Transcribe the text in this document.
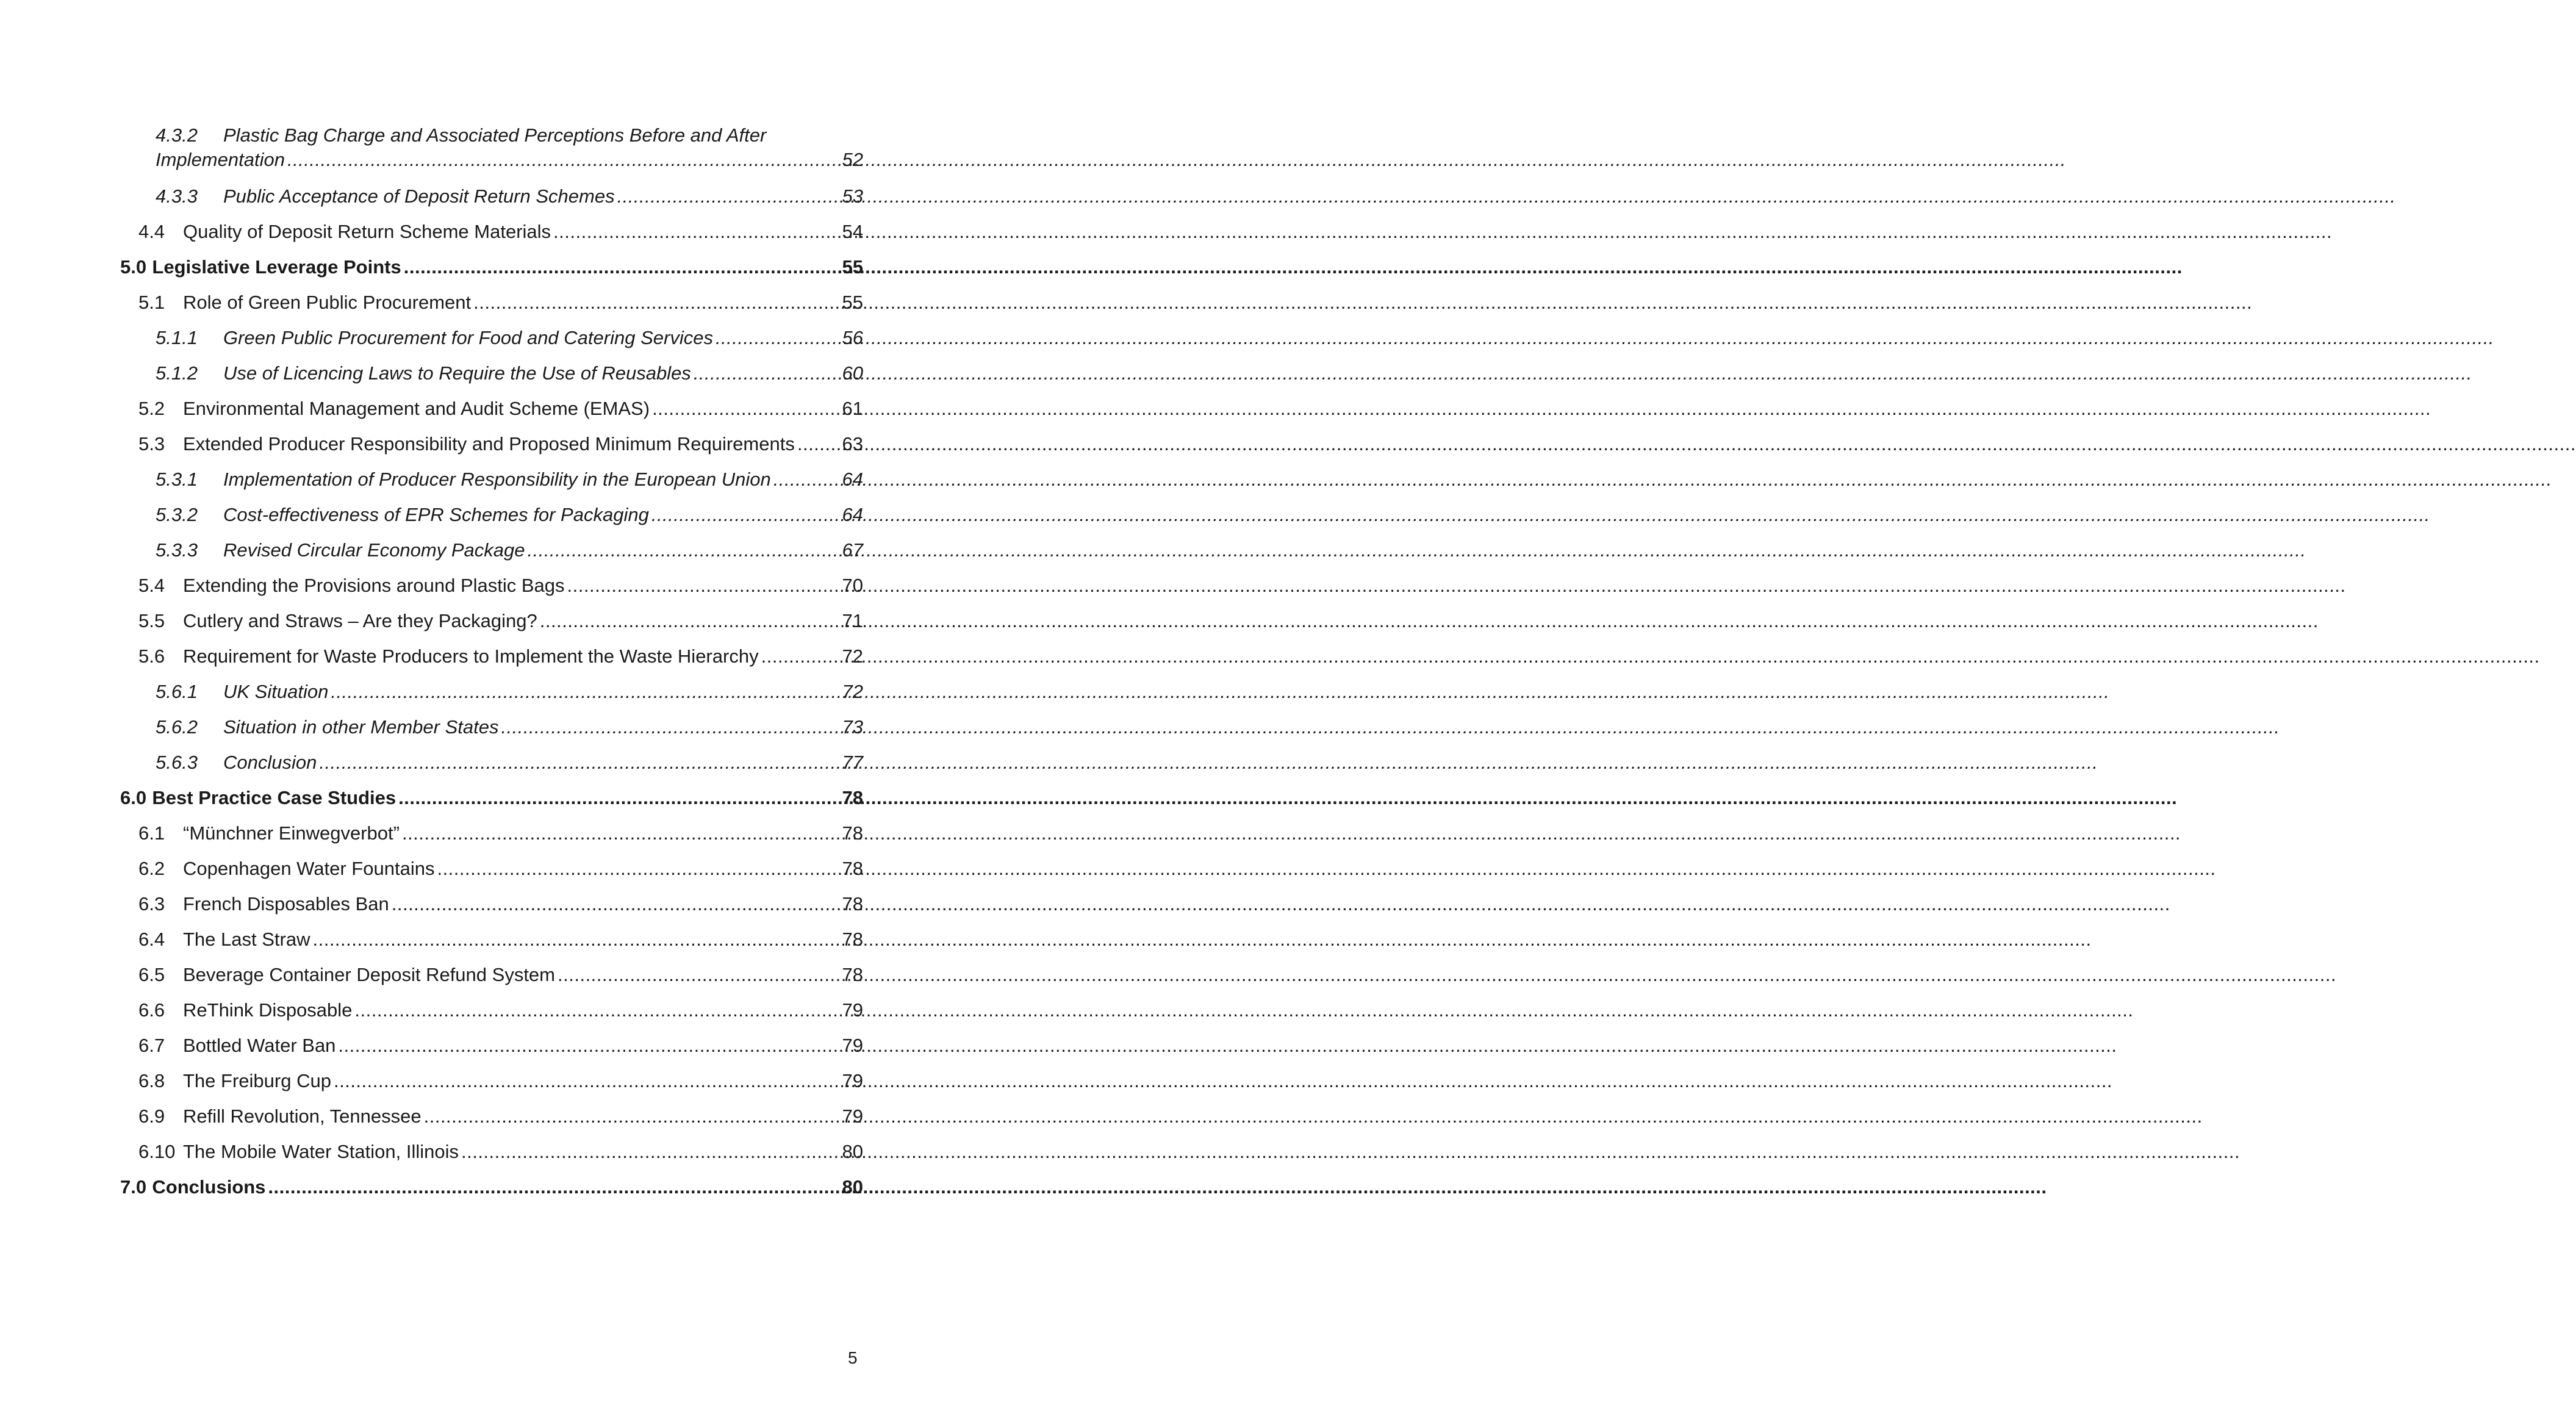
4.3.2	Plastic Bag Charge and Associated Perceptions Before and After
Implementation .....	52
4.3.3	Public Acceptance of Deposit Return Schemes .....	53
4.4 Quality of Deposit Return Scheme Materials .....	54
5.0 Legislative Leverage Points .....	55
5.1 Role of Green Public Procurement .....	55
5.1.1	Green Public Procurement for Food and Catering Services .....	56
5.1.2	Use of Licencing Laws to Require the Use of Reusables .....	60
5.2 Environmental Management and Audit Scheme (EMAS) .....	61
5.3 Extended Producer Responsibility and Proposed Minimum Requirements .....	63
5.3.1	Implementation of Producer Responsibility in the European Union .....	64
5.3.2	Cost-effectiveness of EPR Schemes for Packaging .....	64
5.3.3	Revised Circular Economy Package .....	67
5.4 Extending the Provisions around Plastic Bags .....	70
5.5 Cutlery and Straws – Are they Packaging? .....	71
5.6 Requirement for Waste Producers to Implement the Waste Hierarchy .....	72
5.6.1	UK Situation .....	72
5.6.2	Situation in other Member States .....	73
5.6.3	Conclusion .....	77
6.0 Best Practice Case Studies .....	78
6.1 “Münchner Einwegverbot” .....	78
6.2 Copenhagen Water Fountains .....	78
6.3 French Disposables Ban .....	78
6.4 The Last Straw .....	78
6.5 Beverage Container Deposit Refund System .....	78
6.6 ReThink Disposable .....	79
6.7 Bottled Water Ban .....	79
6.8 The Freiburg Cup .....	79
6.9 Refill Revolution, Tennessee .....	79
6.10 The Mobile Water Station, Illinois .....	80
7.0 Conclusions .....	80
5
